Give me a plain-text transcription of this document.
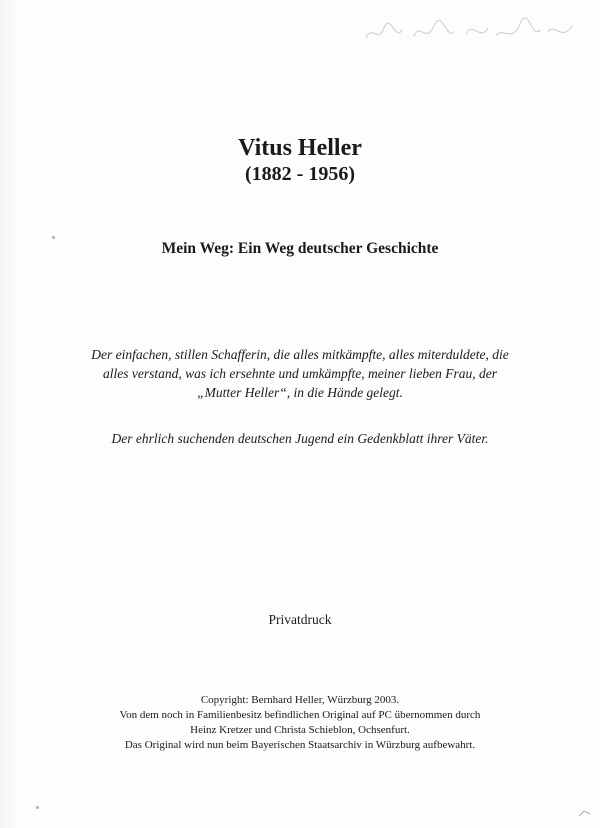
Vitus Heller
(1882 - 1956)
Mein Weg: Ein Weg deutscher Geschichte
Der einfachen, stillen Schafferin, die alles mitkämpfte, alles miterduldete, die
alles verstand, was ich ersehnte und umkämpfte, meiner lieben Frau, der
„Mutter Heller“, in die Hände gelegt.
Der ehrlich suchenden deutschen Jugend ein Gedenkblatt ihrer Väter.
Privatdruck
Copyright: Bernhard Heller, Würzburg 2003.
Von dem noch in Familienbesitz befindlichen Original auf PC übernommen durch
Heinz Kretzer und Christa Schieblon, Ochsenfurt.
Das Original wird nun beim Bayerischen Staatsarchiv in Würzburg aufbewahrt.
